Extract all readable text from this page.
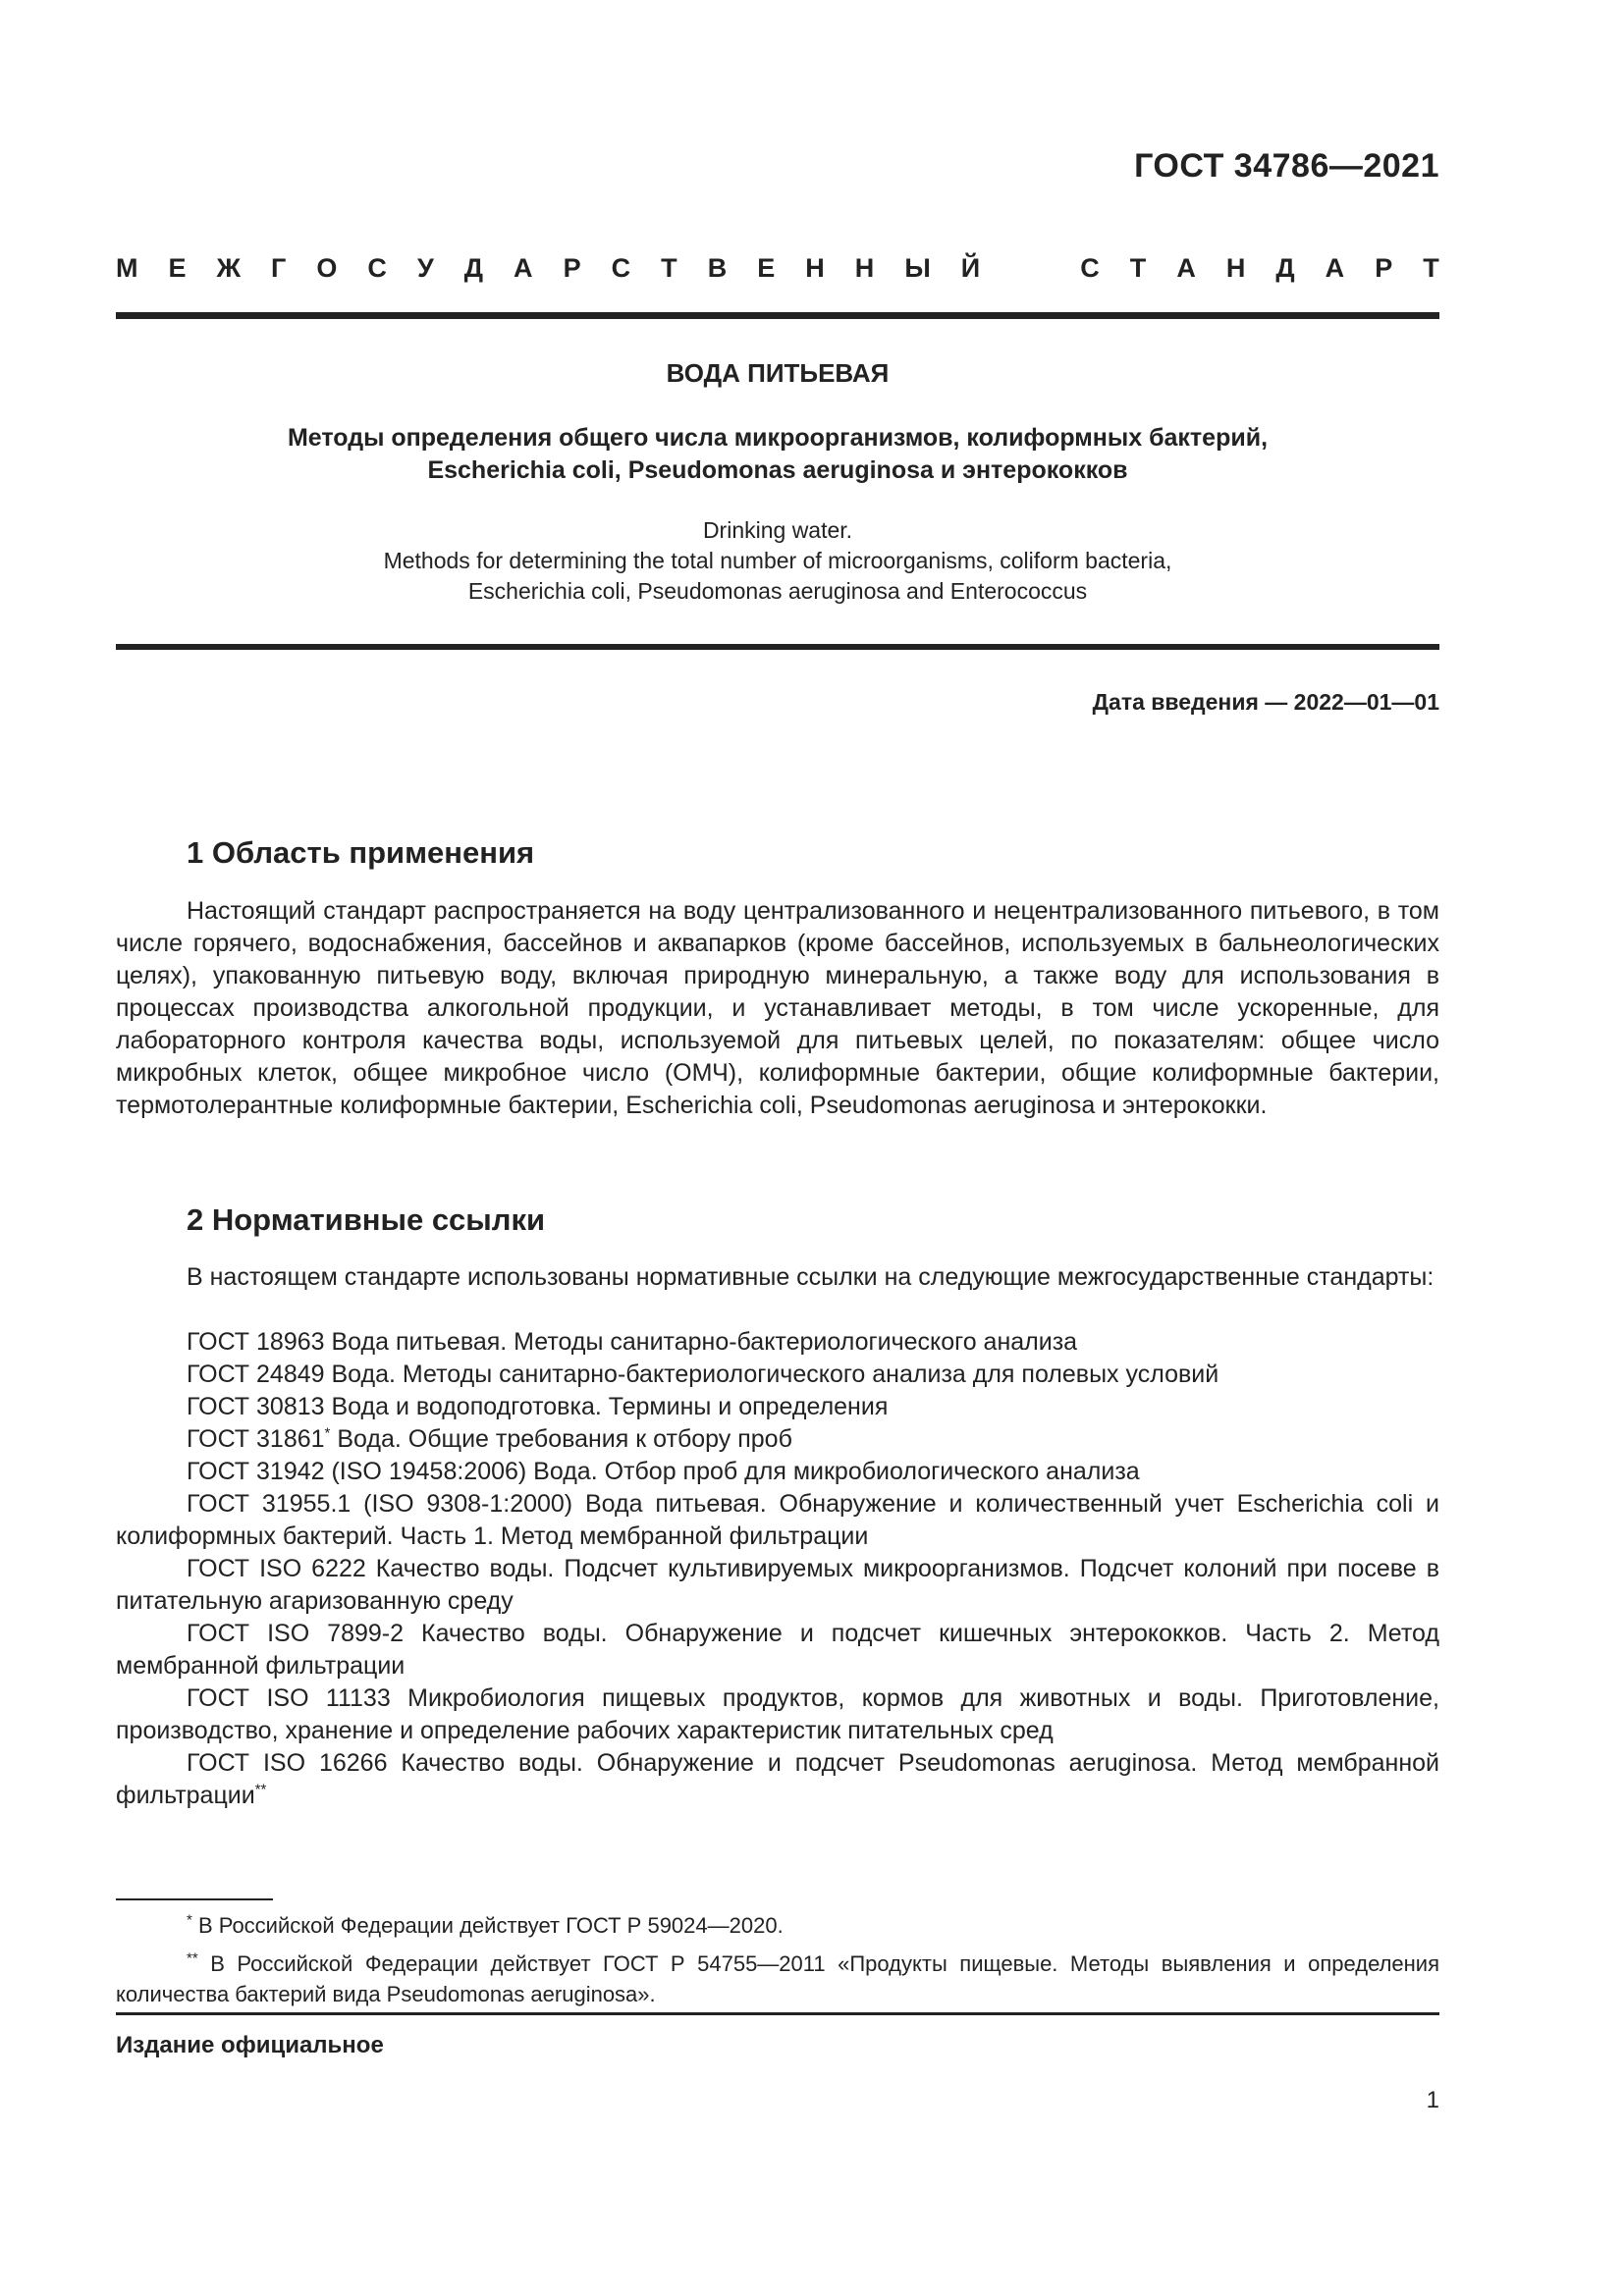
ГОСТ 34786—2021
М Е Ж Г О С У Д А Р С Т В Е Н Н Ы Й	С Т А Н Д А Р Т
ВОДА ПИТЬЕВАЯ
Методы определения общего числа микроорганизмов, колиформных бактерий,
Escherichia coli, Pseudomonas aeruginosa и энтерококков
Drinking water.
Methods for determining the total number of microorganisms, coliform bacteria,
Escherichia coli, Pseudomonas aeruginosa and Enterococcus
Дата введения — 2022—01—01
1 Область применения

Настоящий стандарт распространяется на воду централизованного и нецентрализованного питьевого, в том числе горячего, водоснабжения, бассейнов и аквапарков (кроме бассейнов, используемых в бальнеологических целях), упакованную питьевую воду, включая природную минеральную, а также воду для использования в процессах производства алкогольной продукции, и устанавливает методы, в том числе ускоренные, для лабораторного контроля качества воды, используемой для питьевых целей, по показателям: общее число микробных клеток, общее микробное число (ОМЧ), колиформные бактерии, общие колиформные бактерии, термотолерантные колиформные бактерии, Escherichia coli, Pseudomonas aeruginosa и энтерококки.

2 Нормативные ссылки

В настоящем стандарте использованы нормативные ссылки на следующие межгосударственные стандарты:

ГОСТ 18963 Вода питьевая. Методы санитарно-бактериологического анализа

ГОСТ 24849 Вода. Методы санитарно-бактериологического анализа для полевых условий

ГОСТ 30813 Вода и водоподготовка. Термины и определения

ГОСТ 31861* Вода. Общие требования к отбору проб

ГОСТ 31942 (ISO 19458:2006) Вода. Отбор проб для микробиологического анализа

ГОСТ 31955.1 (ISO 9308-1:2000) Вода питьевая. Обнаружение и количественный учет Escherichia coli и колиформных бактерий. Часть 1. Метод мембранной фильтрации

ГОСТ ISO 6222 Качество воды. Подсчет культивируемых микроорганизмов. Подсчет колоний при посеве в питательную агаризованную среду

ГОСТ ISO 7899-2 Качество воды. Обнаружение и подсчет кишечных энтерококков. Часть 2. Метод мембранной фильтрации

ГОСТ ISO 11133 Микробиология пищевых продуктов, кормов для животных и воды. Приготовление, производство, хранение и определение рабочих характеристик питательных сред

ГОСТ ISO 16266 Качество воды. Обнаружение и подсчет Pseudomonas aeruginosa. Метод мембранной фильтрации**

* В Российской Федерации действует ГОСТ Р 59024—2020.

** В Российской Федерации действует ГОСТ Р 54755—2011 «Продукты пищевые. Методы выявления и определения количества бактерий вида Pseudomonas aeruginosa».

Издание официальное
1
